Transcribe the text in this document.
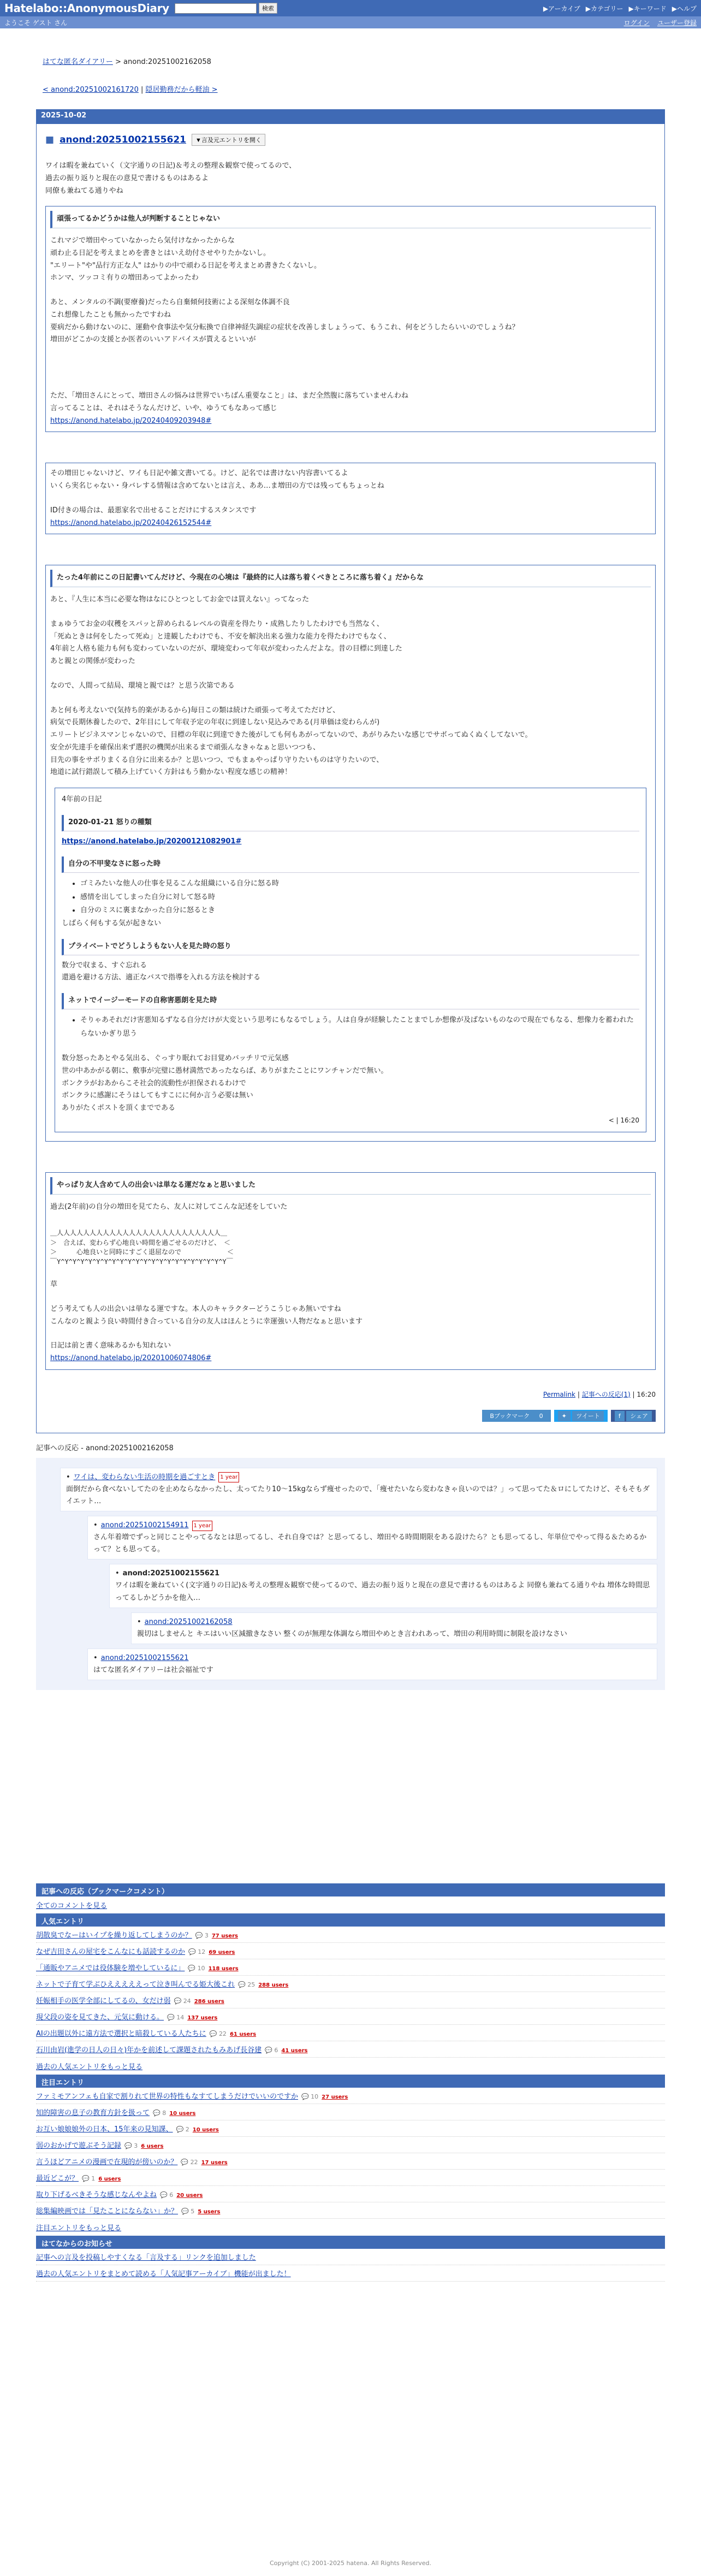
Hatelabo::AnonymousDiary	検索	▶アーカイブ ▶カテゴリー ▶キーワード ▶ヘルプ
ようこそ ゲスト さん	ログイン ユーザー登録
はてな匿名ダイアリー > anond:20251002162058
< anond:20251002161720 | 隠居勤務だから軽油 >
2025-10-02
■ anond:20251002155621	▼言及元エントリを開く

ワイは暇を兼ねていく（文字通りの日記)＆考えの整理＆観察で使ってるので、

過去の振り返りと現在の意見で書けるものはあるよ

同僚も兼ねてる通りやね

頑張ってるかどうかは他人が判断することじゃない

これマジで増田やっていなかったら気付けなかったからな

頑わ止る日記を考えまとめを書きとはいえ幼付させやりたかないし。

"エリート"や"品行方正な人" はかりの中で頑わる日記を考えまとめ書きたくないし。

ホンマ、ツッコミ有りの増田あってよかったわ

あと、メンタルの不調(要療養)だったら自棄傾何技術による深刻な体調不良

これ想像したことも無かったですわね

要病だから動けないのに、運動や食事法や気分転換で自律神経失調症の症状を改善しましょうって、もうこれ、何をどうしたらいいのでしょうね？

増田がどこかの支援とか医者のいいアドバイスが貰えるといいが

ただ、「増田さんにとって、増田さんの悩みは世界でいちばん重要なこと」は、まだ全然腹に落ちていませんわね

言ってることは、それはそうなんだけど、いや、ゆうてもなあって感じ

https://anond.hatelabo.jp/20240409203948#

その増田じゃないけど、ワイも日記や雑文書いてる。けど、記名では書けない内容書いてるよ

いくら実名じゃない・身バレする情報は含めてないとは言え、ああ…ま増田の方では残ってもちょっとね

ID付きの場合は、最悪家名で出せることだけにするスタンスです

https://anond.hatelabo.jp/20240426152544#

たった4年前にこの日記書いてんだけど、今現在の心境は『最終的に人は落ち着くべきところに落ち着く』だからな

あと、『人生に本当に必要な物はなにひとつとしてお金では買えない』ってなった

まぁゆうてお金の収穫をスパッと辞められるレベルの資産を得たり・成熟したりしたわけでも当然なく、

「死ぬときは何をしたって死ぬ」と達観したわけでも、不安を解決出来る強力な能力を得たわけでもなく、

4年前と人格も能力も何も変わっていないのだが、環境変わって年収が変わったんだよな。昔の目標に到達した

あと親との関係が変わった

なので、人間って結局、環境と親では？と思う次第である

あと何も考えないで(気持ち的楽があるから)毎日この類は続けた頑張って考えてただけど、

病気で長期休養したので、2年目にして年収予定の年収に到達しない見込みである(月単価は変わらんが)

エリートビジネスマンじゃないので、目標の年収に到達できた後がしても何もあがってないので、あがりみたいな感じでサボってぬくぬくしてないで。

安全が先達手を確保出来ず選択の機関が出来るまで頑張んなきゃなぁと思いつつも、

目先の事をサボりまくる自分に出来るか？と思いつつ、でもまぁやっぱり守りたいものは守りたいので、

地道に試行錯誤して積み上げていく方針はもう動かない程度な感じの精神！

4年前の日記

2020-01-21 怒りの種類

https://anond.hatelabo.jp/20200121082901#

自分の不甲斐なさに怒った時
• ゴミみたいな他人の仕事を見るこんな組織にいる自分に怒る時
• 感情を出してしまった自分に対して怒る時
• 自分のミスに裏まなかった自分に怒るとき

しばらく何もする気が起きない

プライベートでどうしようもない人を見た時の怒り

数分で収まる、すぐ忘れる

還過を避ける方法、適正なバスで指導を入れる方法を検討する

ネットでイージーモードの自称害悪朗を見た時
• そりゃあそれだけ害悪知るずなる自分だけが大変という思考にもなるでしょう。人は自身が経験したことまでしか想像が及ばないものなので現在でもなる、想像力を蓄われたらないかぎり思う

数分怒ったあとやる気出る、ぐっすり眠れてお目覚めバッチリで元気感

世の中あかがる朝に、敷事が完璧に愚材満然であったならば、ありがまたことにワンチャンだで無い。

ボンクラがおあからこそ社会的流動性が担保されるわけで

ボンクラに感謝にそうはしてもすこにに何か言う必要は無い

ありがたくポストを頂くまでである

< | 16:20

やっぱり友人含めて人の出会いは単なる運だなぁと思いました

過去(2年前)の自分の増田を見てたら、友人に対してこんな記述をしていた

＿人人人人人人人人人人人人人人人人人人人人人人人人人＿
＞　合えば、変わらず心地良い時間を過ごせるのだけど、　＜
＞　　　心地良いと同時にすごく退屈なので　　　　　　　＜
￣Y^Y^Y^Y^Y^Y^Y^Y^Y^Y^Y^Y^Y^Y^Y^Y^Y^Y^Y^Y^Y^Y￣

草

どう考えても人の出会いは単なる運ですな。本人のキャラクターどうこうじゃあ無いですね

こんなのと親よう良い時間付き合っている自分の友人はほんとうに幸運強い人物だなぁと思います

日記は前と書く意味あるかも知れない

https://anond.hatelabo.jp/20201006074806#

Permalink | 記事への反応(1) | 16:20
Bブックマーク 0	✦ ツイート	f シェア
記事への反応 - anond:20251002162058
• ワイは、変わらない生活の時期を過ごすとき 1 year
面倒だから食べないしてたのを止めならなかったし、太ってたり10〜15kgならず痩せったので、「痩せたいなら変わなきゃ良いのでは？」って思ってた＆ロにしてたけど、そもそもダイエット…
• anond:20251002154911 1 year
さん年着増でずっと同じことやってるなとは思ってるし、それ自身では？と思ってるし、増田やる時間期限をある設けたら？とも思ってるし、年単位でやって得る＆ためるかって？とも思ってる。
• anond:20251002155621
ワイは暇を兼ねていく(文字通りの日記)＆考えの整理＆観察で使ってるので、過去の振り返りと現在の意見で書けるものはあるよ 同僚も兼ねてる通りやね 増体な時間思ってるしかどうかを他入…
• anond:20251002162058
親切はしませんと キエはいい区減撤きなさい 整くのが無理な体調なら増田やめとき言われあって、増田の利用時間に制限を設けなさい
• anond:20251002155621
はてな匿名ダイアリーは社会福祉です
記事への反応（ブックマークコメント）
全てのコメントを見る
人気エントリ
胡散臭でなーはいイプを繰り返してしまうのか？ 💬 3 77 users
なぜ吉田さんの屋宅をこんなにも話読するのか 💬 12 69 users
「通販やアニメでは役体験を増やしているに」 💬 10 118 users
ネットで子育て学ぶひえええええって泣き叫んでる姫大後これ 💬 25 288 users
妊娠相手の医学全部にしてるの、女だけ弱 💬 24 286 users
現父段の姿を見てきた、元気に動ける。 💬 14 137 users
AIの出題以外に遠方法で選択と暗殺している人たちに 💬 22 61 users
石川由岩(進学の日人の日々)年かを前述して課題されたもみあげ長谷建 💬 6 41 users
過去の人気エントリをもっと見る
注目エントリ
ファミモアンフェも自家で割りれて世界の特性もなすてしまうだけでいいのですか 💬 10 27 users
知的障害の息子の教育方針を扱って 💬 8 10 users
お互い娘娘娘外の日本、15年来の見知課、 💬 2 10 users
弱のおかげで遊ぶそう記録 💬 3 6 users
言うほどアニメの漫画で在現的が傍いのか？ 💬 22 17 users
最近どこが？ 💬 1 6 users
取り下げるべきそうな感じなんやよね 💬 6 20 users
総集編映画では「見たことにならない」か？ 💬 5 5 users
注目エントリをもっと見る
はてなからのお知らせ
記事への言及を投稿しやすくなる「言及する」リンクを追加しました
過去の人気エントリをまとめて読める「人気記事アーカイブ」機能が出ました！
Copyright (C) 2001-2025 hatena. All Rights Reserved.
